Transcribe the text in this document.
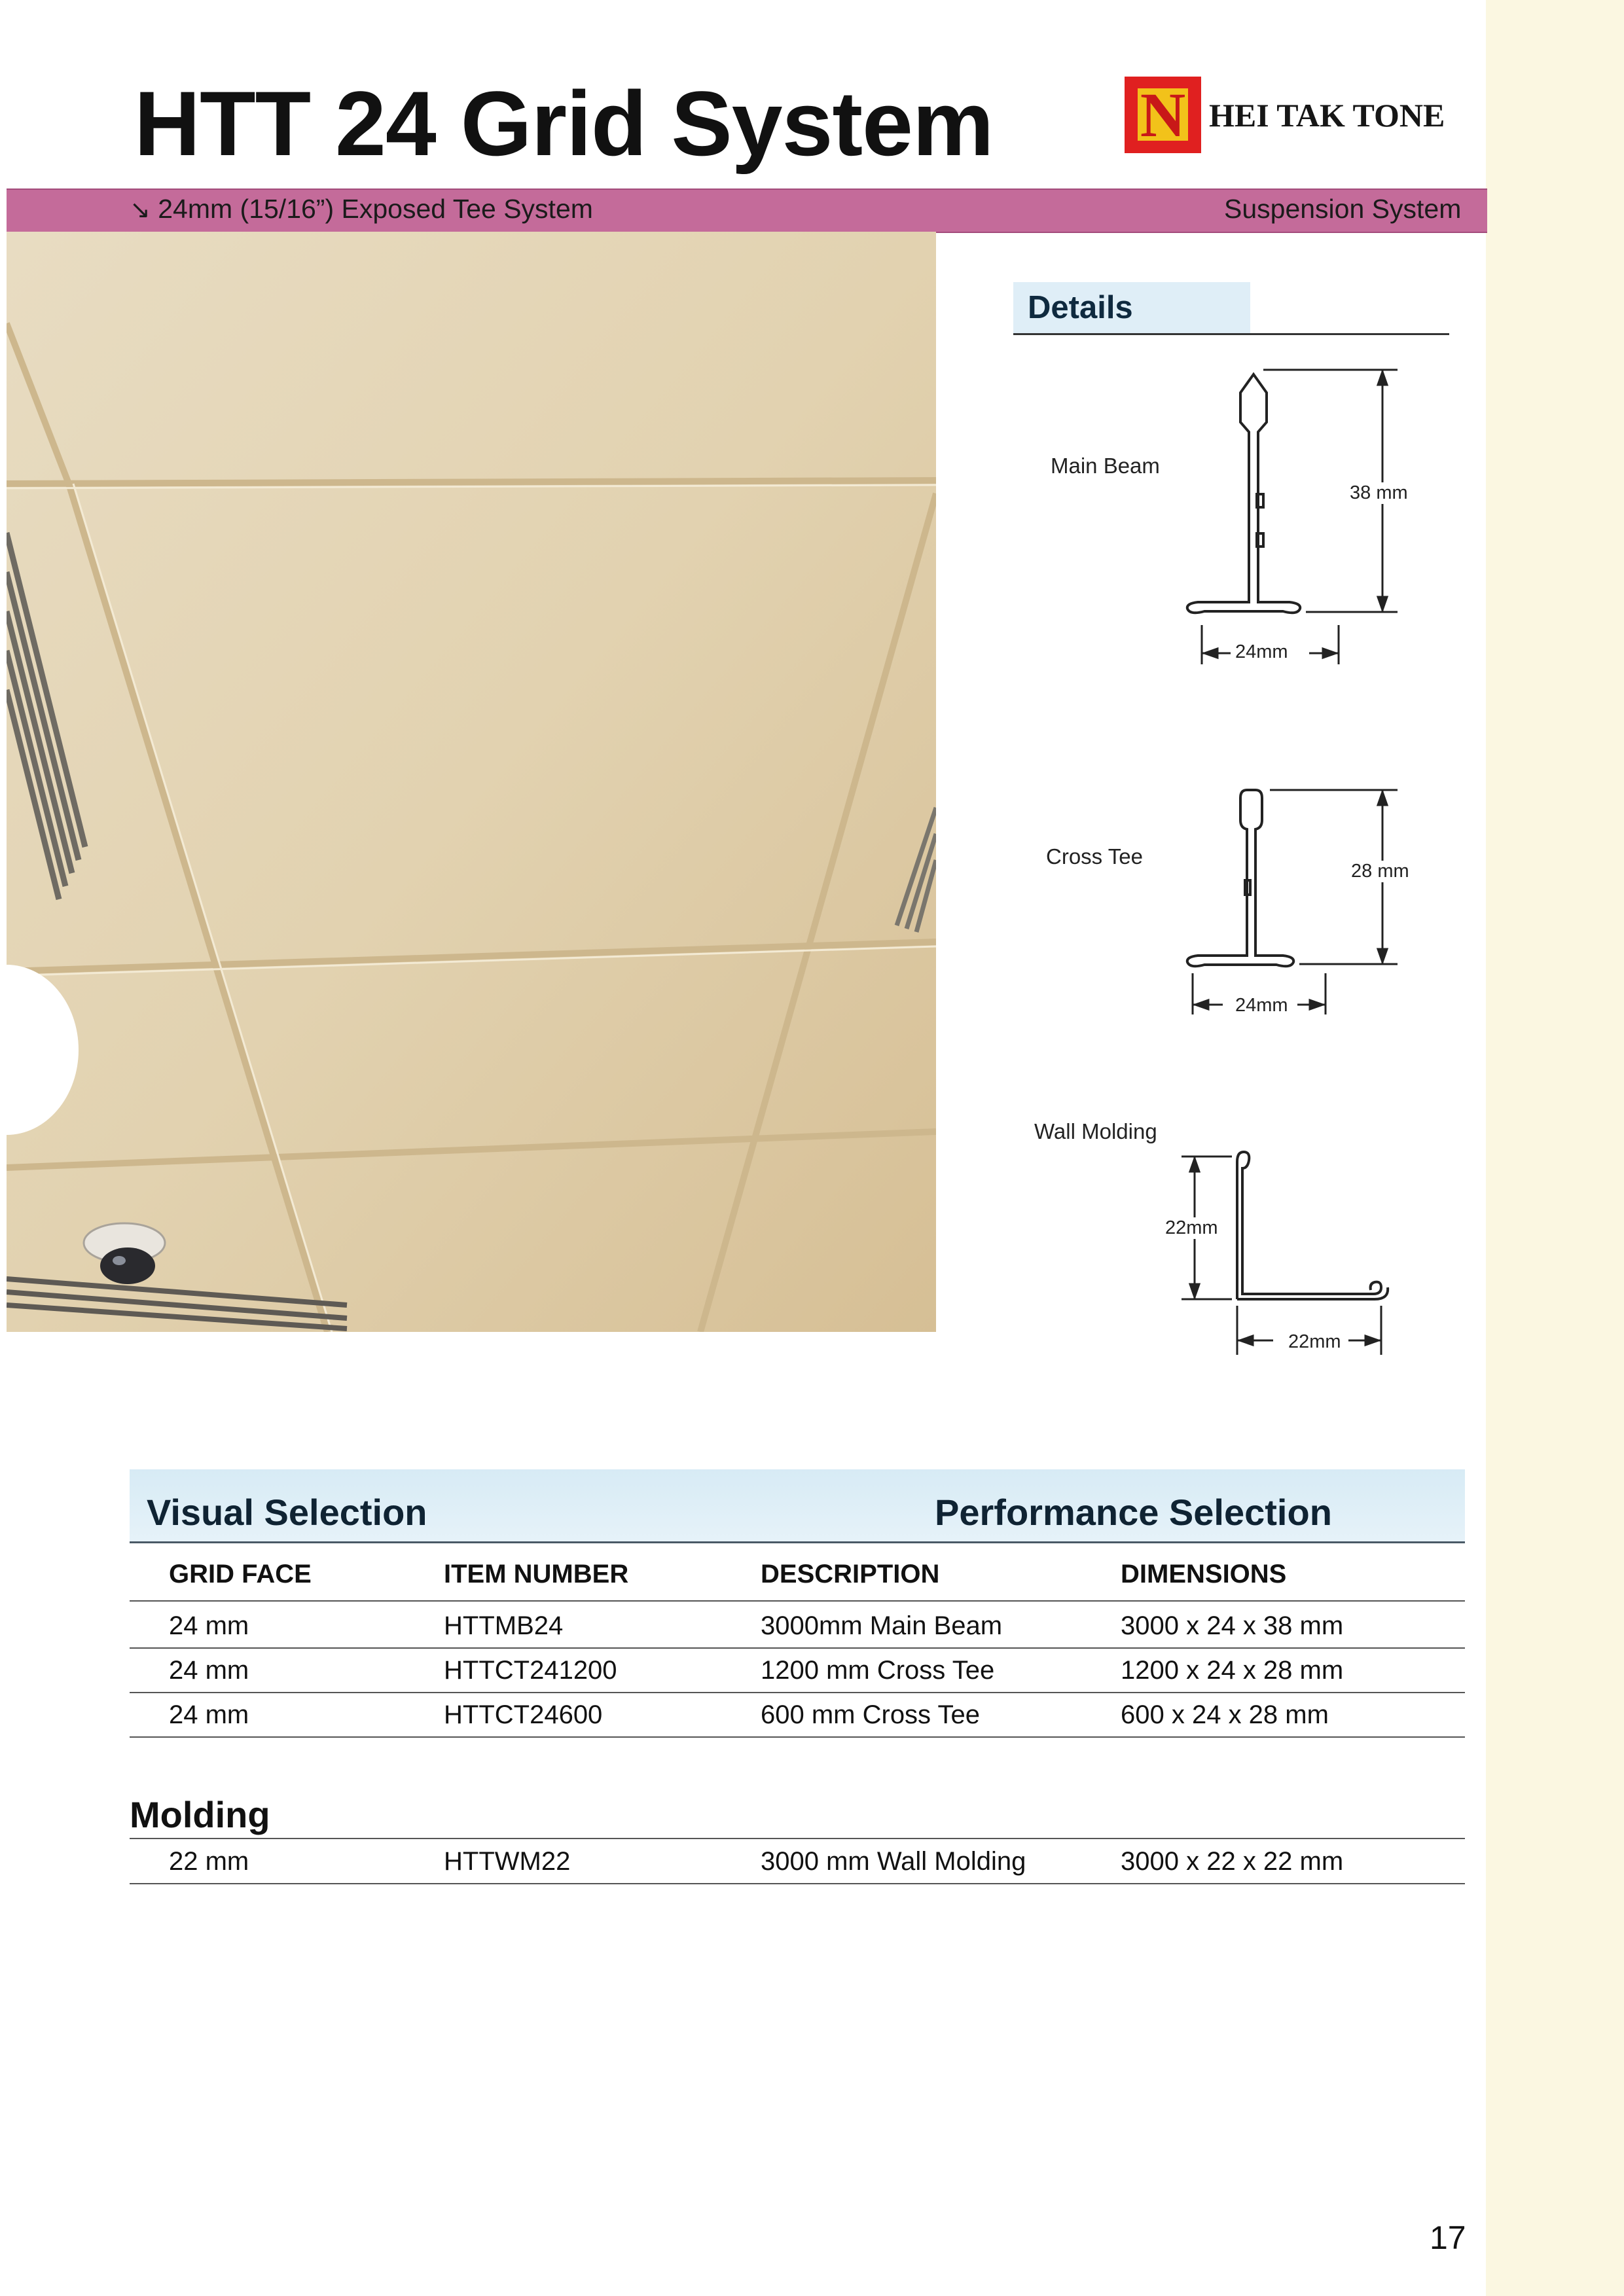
HTT 24 Grid System N HEI TAK TONE
↘ 24mm (15/16”) Exposed Tee System	Suspension System
Details
Main Beam
Cross Tee
Wall Molding
38 mm
24mm
28 mm
24mm
22mm
22mm
Visual Selection	Performance Selection
GRID FACE	ITEM NUMBER	DESCRIPTION	DIMENSIONS
24 mm	HTTMB24	3000mm Main Beam	3000 x 24 x 38 mm
24 mm	HTTCT241200	1200 mm Cross Tee	1200 x 24 x 28 mm
24 mm	HTTCT24600	600 mm Cross Tee	600 x 24 x 28 mm
Molding
22 mm	HTTWM22	3000 mm Wall Molding	3000 x 22 x 22 mm
17
